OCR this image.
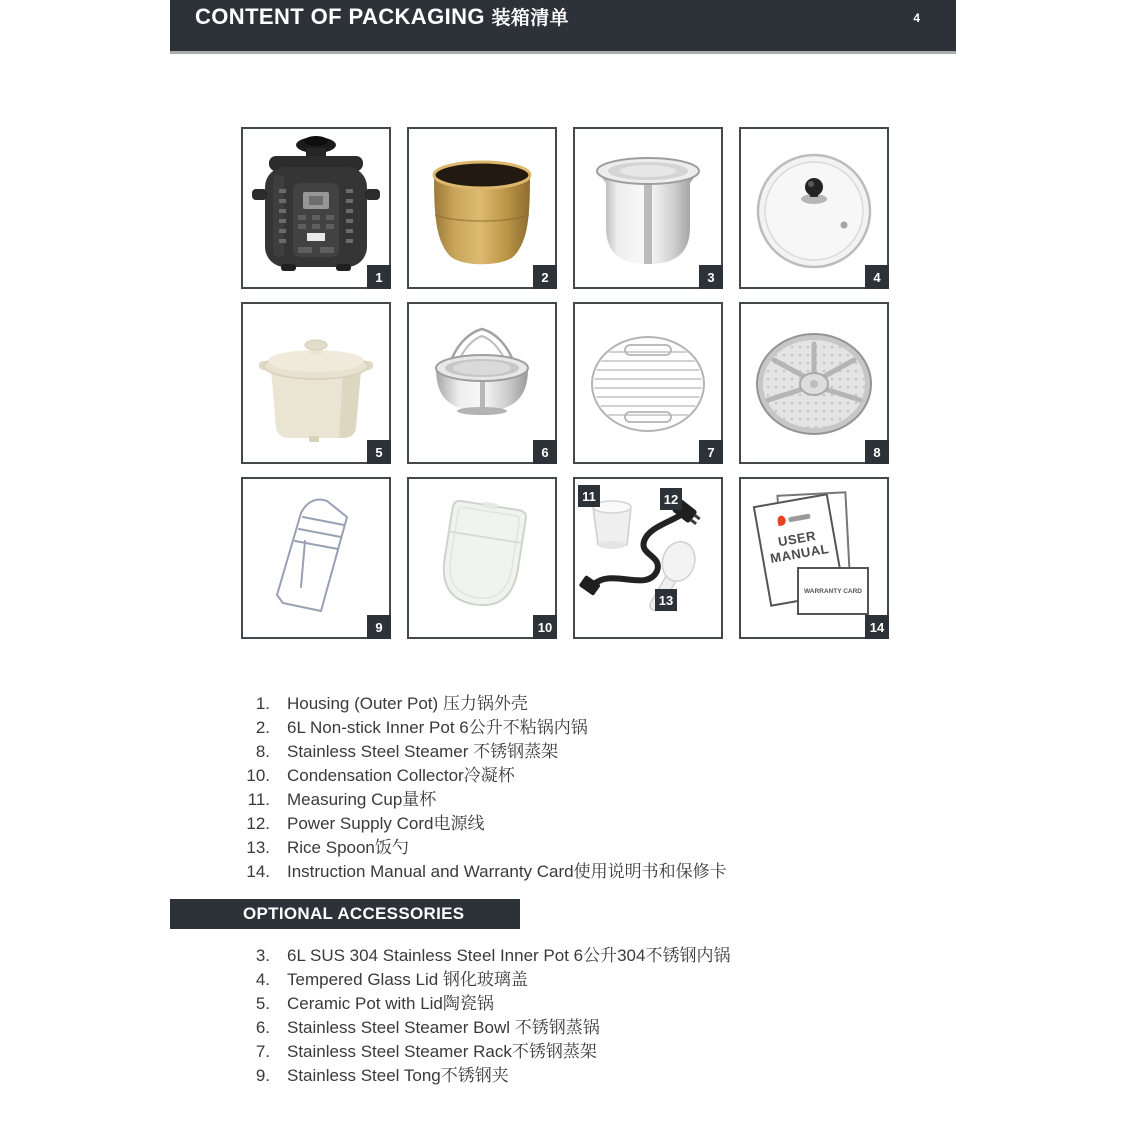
CONTENT OF PACKAGING 装箱清单	4
1	2	3	4
5	6	7	8
9	10
11	12
13
USER MANUAL
WARRANTY CARD
14
1. Housing (Outer Pot) 压力锅外壳
2. 6L Non-stick Inner Pot 6公升不粘锅内锅
8. Stainless Steel Steamer 不锈钢蒸架
10. Condensation Collector冷凝杯
11. Measuring Cup量杯
12. Power Supply Cord电源线
13. Rice Spoon饭勺
14. Instruction Manual and Warranty Card使用说明书和保修卡
OPTIONAL ACCESSORIES
3. 6L SUS 304 Stainless Steel Inner Pot 6公升304不锈钢内锅
4. Tempered Glass Lid 钢化玻璃盖
5. Ceramic Pot with Lid陶瓷锅
6. Stainless Steel Steamer Bowl 不锈钢蒸锅
7. Stainless Steel Steamer Rack不锈钢蒸架
9. Stainless Steel Tong不锈钢夹
